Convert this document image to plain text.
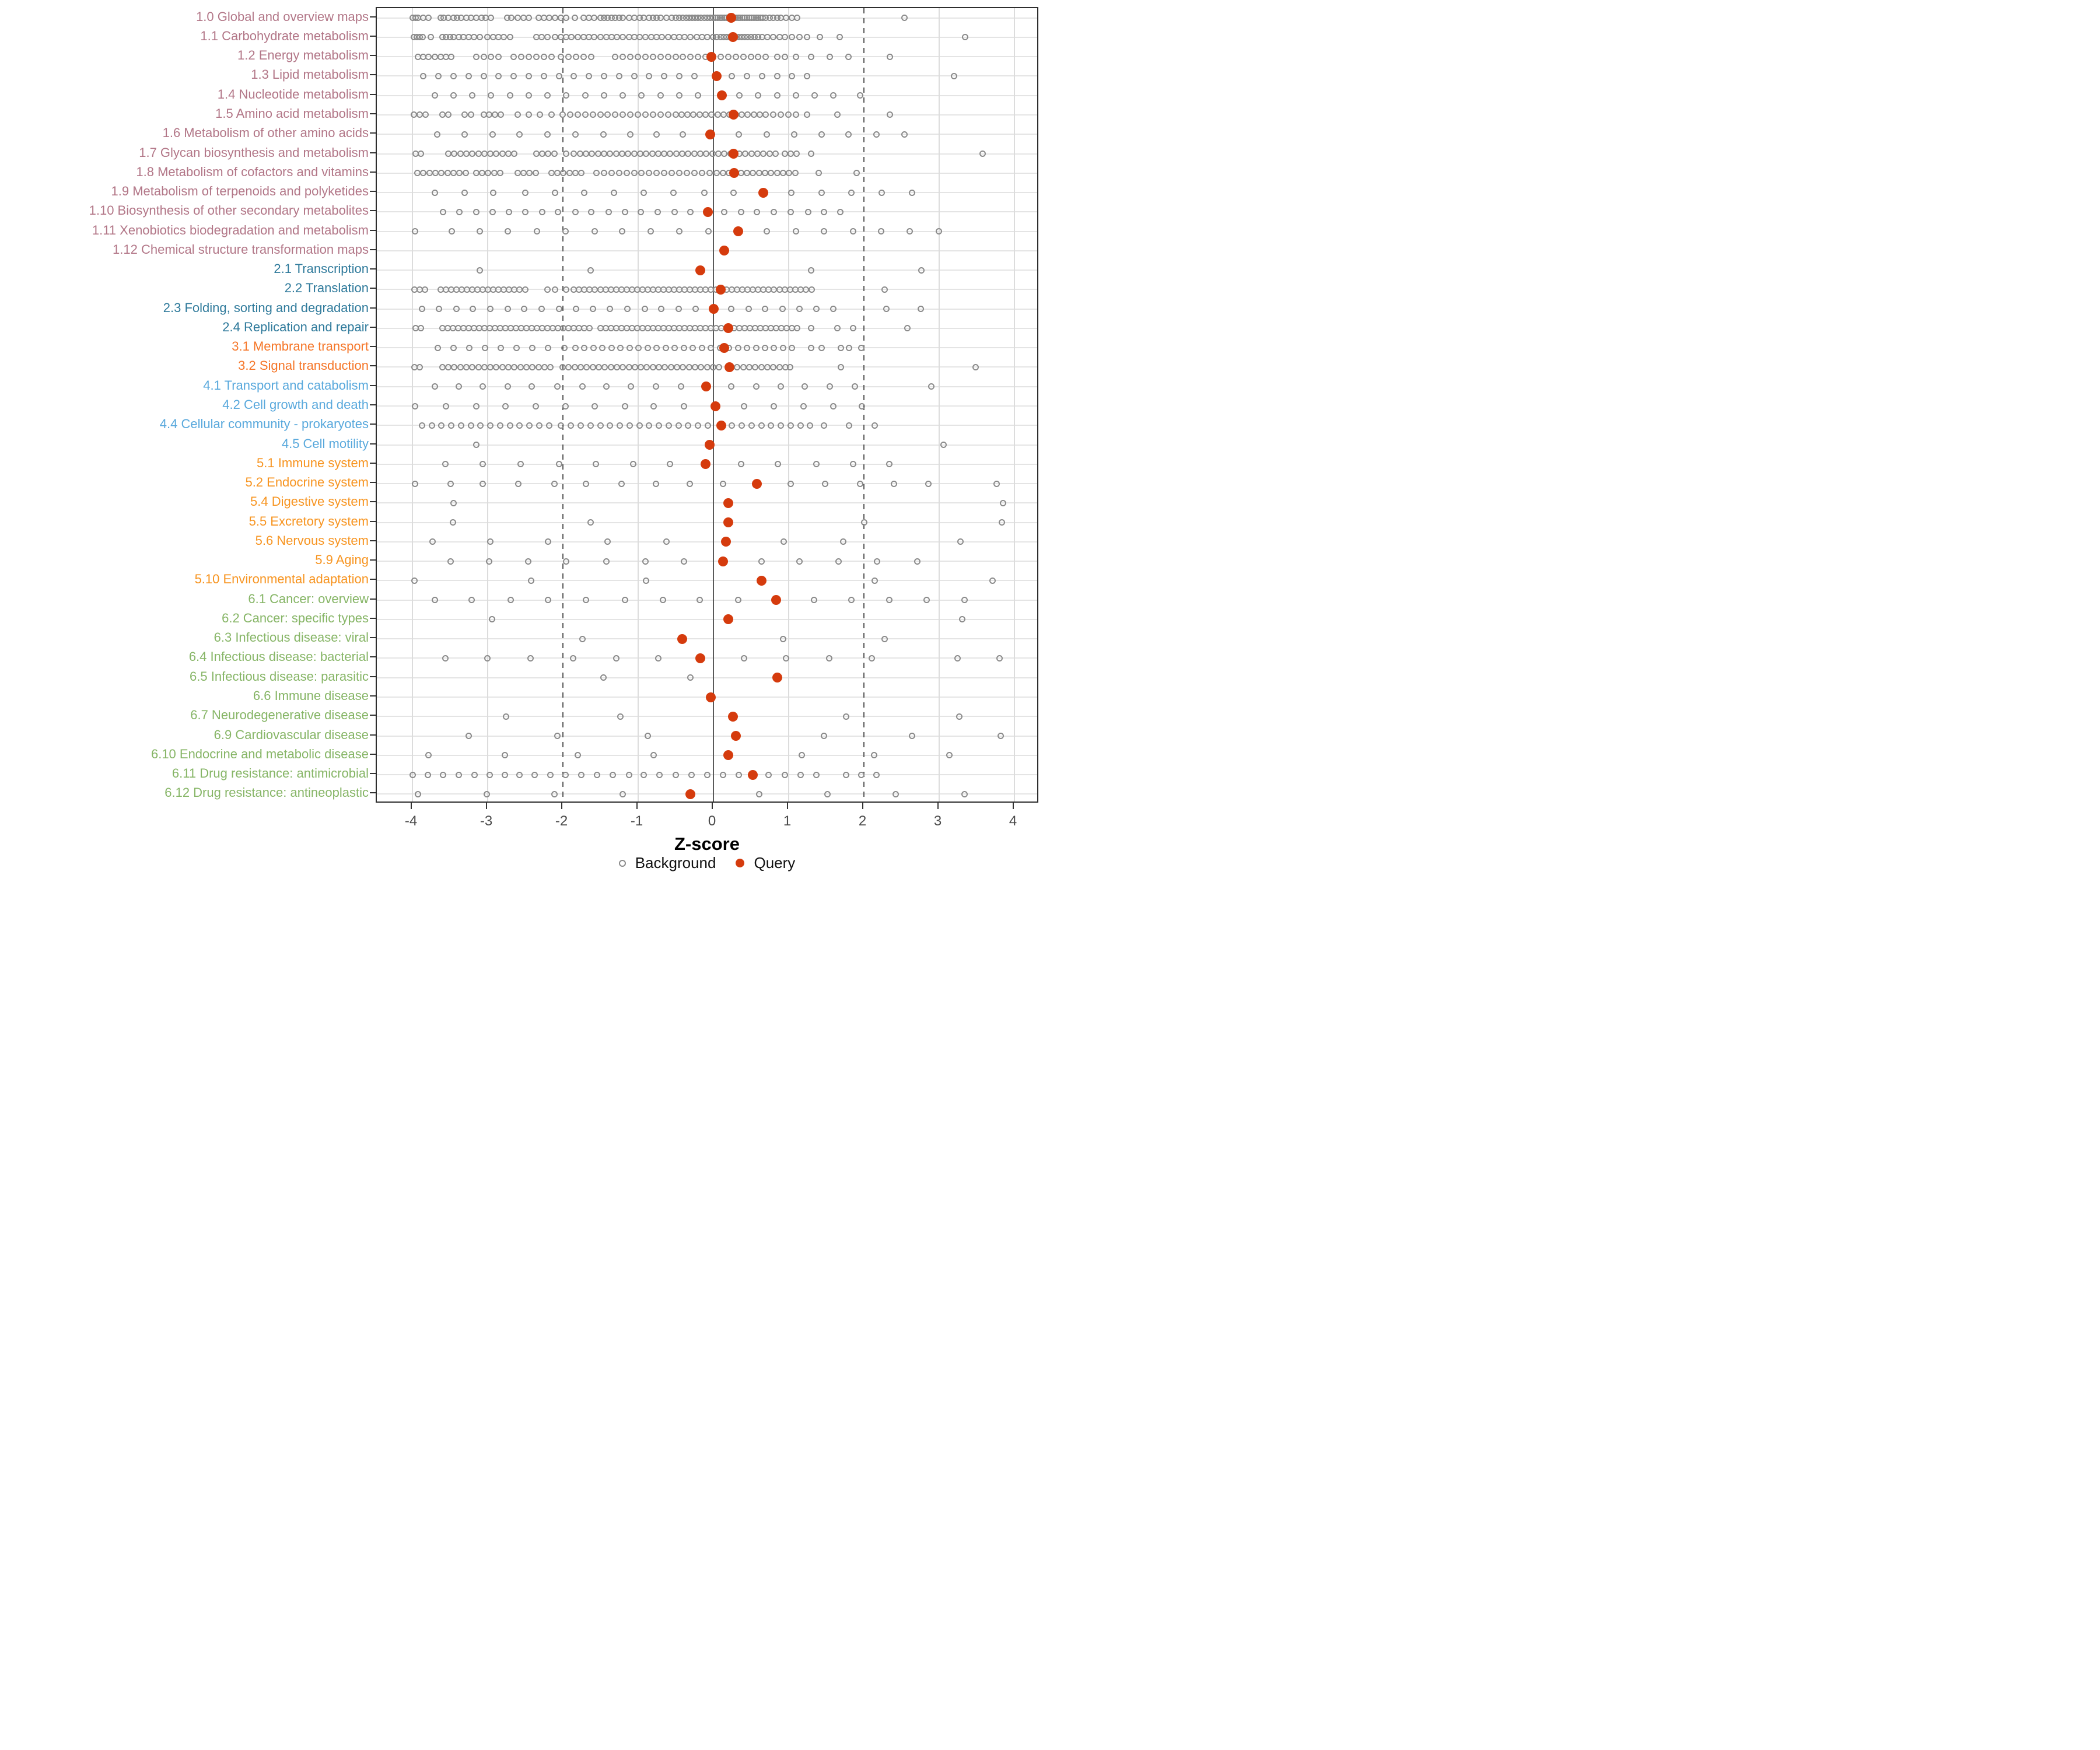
1.0 Global and overview maps
1.1 Carbohydrate metabolism
1.2 Energy metabolism
1.3 Lipid metabolism
1.4 Nucleotide metabolism
1.5 Amino acid metabolism
1.6 Metabolism of other amino acids
1.7 Glycan biosynthesis and metabolism
1.8 Metabolism of cofactors and vitamins
1.9 Metabolism of terpenoids and polyketides
1.10 Biosynthesis of other secondary metabolites
1.11 Xenobiotics biodegradation and metabolism
1.12 Chemical structure transformation maps
2.1 Transcription
2.2 Translation
2.3 Folding, sorting and degradation
2.4 Replication and repair
3.1 Membrane transport
3.2 Signal transduction
4.1 Transport and catabolism
4.2 Cell growth and death
4.4 Cellular community - prokaryotes
4.5 Cell motility
5.1 Immune system
5.2 Endocrine system
5.4 Digestive system
5.5 Excretory system
5.6 Nervous system
5.9 Aging
5.10 Environmental adaptation
6.1 Cancer: overview
6.2 Cancer: specific types
6.3 Infectious disease: viral
6.4 Infectious disease: bacterial
6.5 Infectious disease: parasitic
6.6 Immune disease
6.7 Neurodegenerative disease
6.9 Cardiovascular disease
6.10 Endocrine and metabolic disease
6.11 Drug resistance: antimicrobial
6.12 Drug resistance: antineoplastic
-4	-3	-2	-1	0	1	2	3	4
Z-score
Background	Query
